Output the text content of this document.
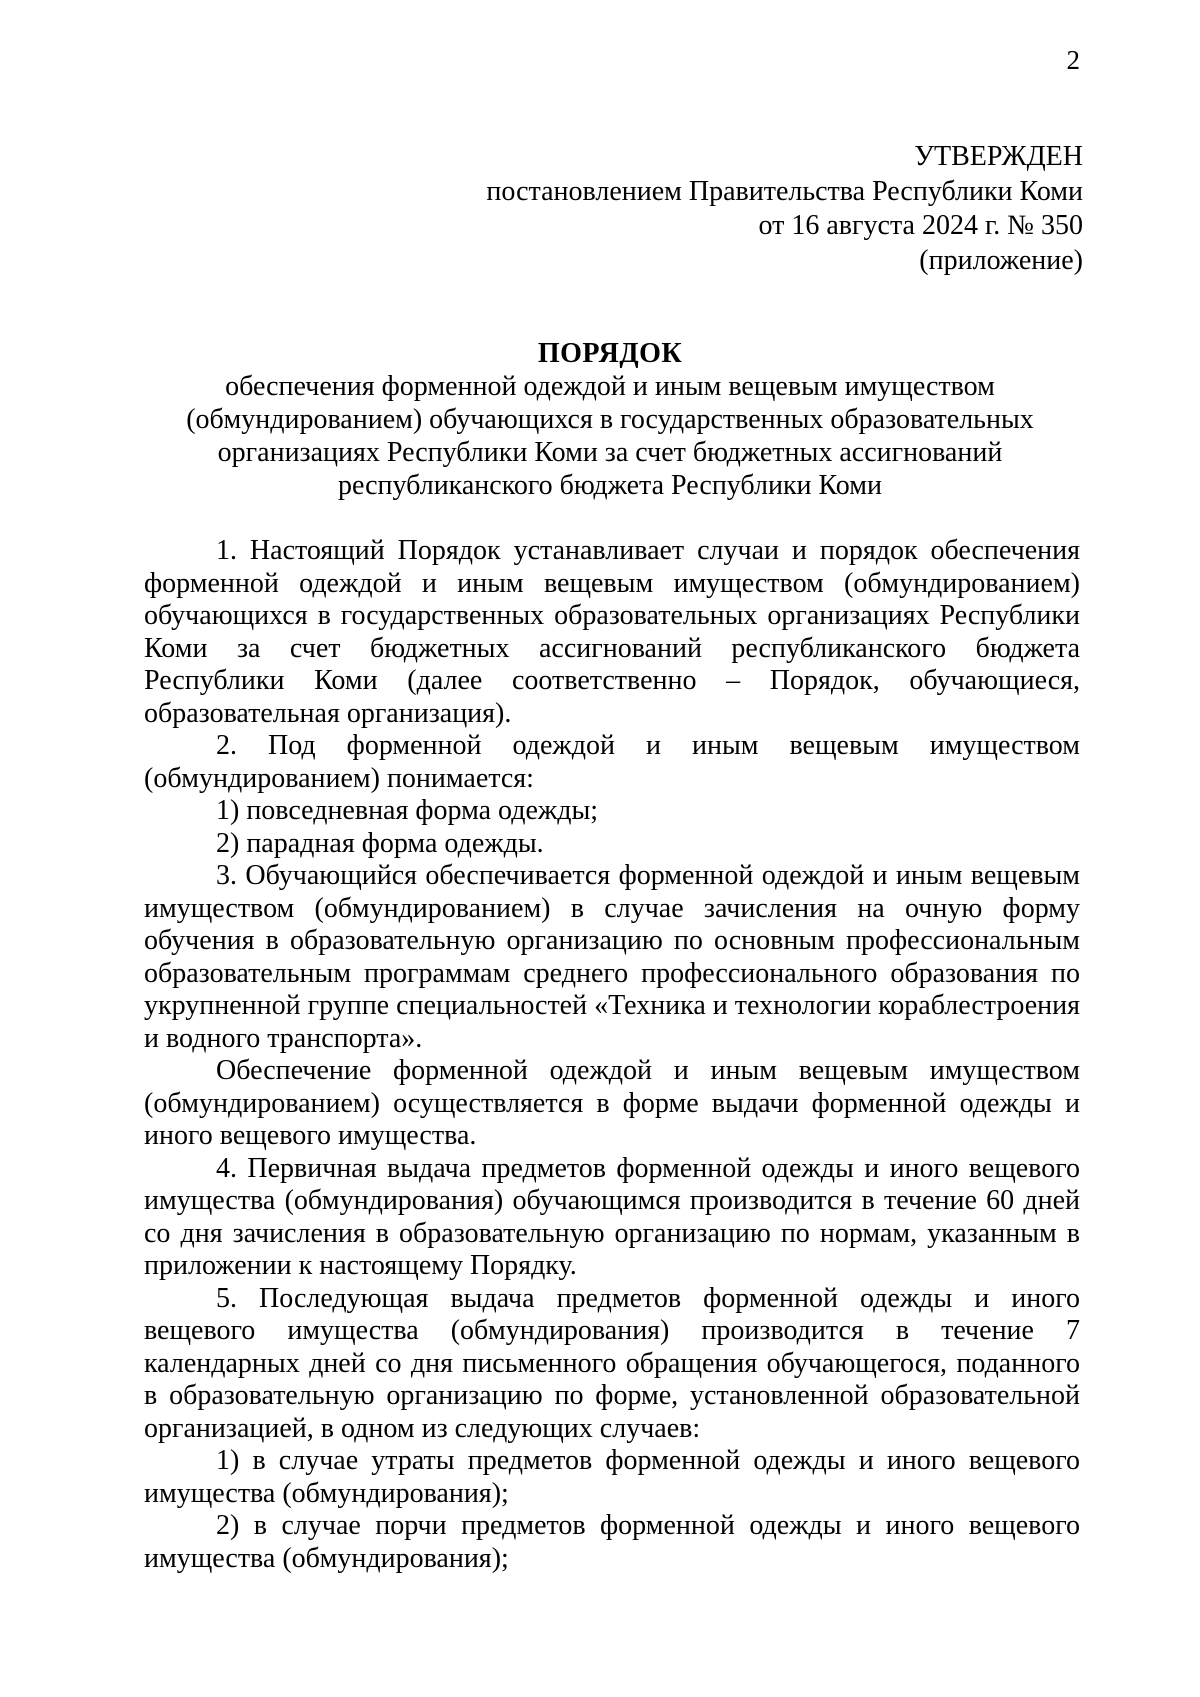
2
УТВЕРЖДЕН
постановлением Правительства Республики Коми
от 16 августа 2024 г. № 350
(приложение)
ПОРЯДОК
обеспечения форменной одеждой и иным вещевым имуществом
(обмундированием) обучающихся в государственных образовательных
организациях Республики Коми за счет бюджетных ассигнований
республиканского бюджета Республики Коми

1. Настоящий Порядок устанавливает случаи и порядок обеспечения форменной одеждой и иным вещевым имуществом (обмундированием) обучающихся в государственных образовательных организациях Республики Коми за счет бюджетных ассигнований республиканского бюджета Республики Коми (далее соответственно – Порядок, обучающиеся, образовательная организация).

2. Под форменной одеждой и иным вещевым имуществом (обмундированием) понимается:

1) повседневная форма одежды;

2) парадная форма одежды.

3. Обучающийся обеспечивается форменной одеждой и иным вещевым имуществом (обмундированием) в случае зачисления на очную форму обучения в образовательную организацию по основным профессиональным образовательным программам среднего профессионального образования по укрупненной группе специальностей «Техника и технологии кораблестроения и водного транспорта».

Обеспечение форменной одеждой и иным вещевым имуществом (обмундированием) осуществляется в форме выдачи форменной одежды и иного вещевого имущества.

4. Первичная выдача предметов форменной одежды и иного вещевого имущества (обмундирования) обучающимся производится в течение 60 дней со дня зачисления в образовательную организацию по нормам, указанным в приложении к настоящему Порядку.

5. Последующая выдача предметов форменной одежды и иного вещевого имущества (обмундирования) производится в течение 7 календарных дней со дня письменного обращения обучающегося, поданного в образовательную организацию по форме, установленной образовательной организацией, в одном из следующих случаев:

1) в случае утраты предметов форменной одежды и иного вещевого имущества (обмундирования);

2) в случае порчи предметов форменной одежды и иного вещевого имущества (обмундирования);
